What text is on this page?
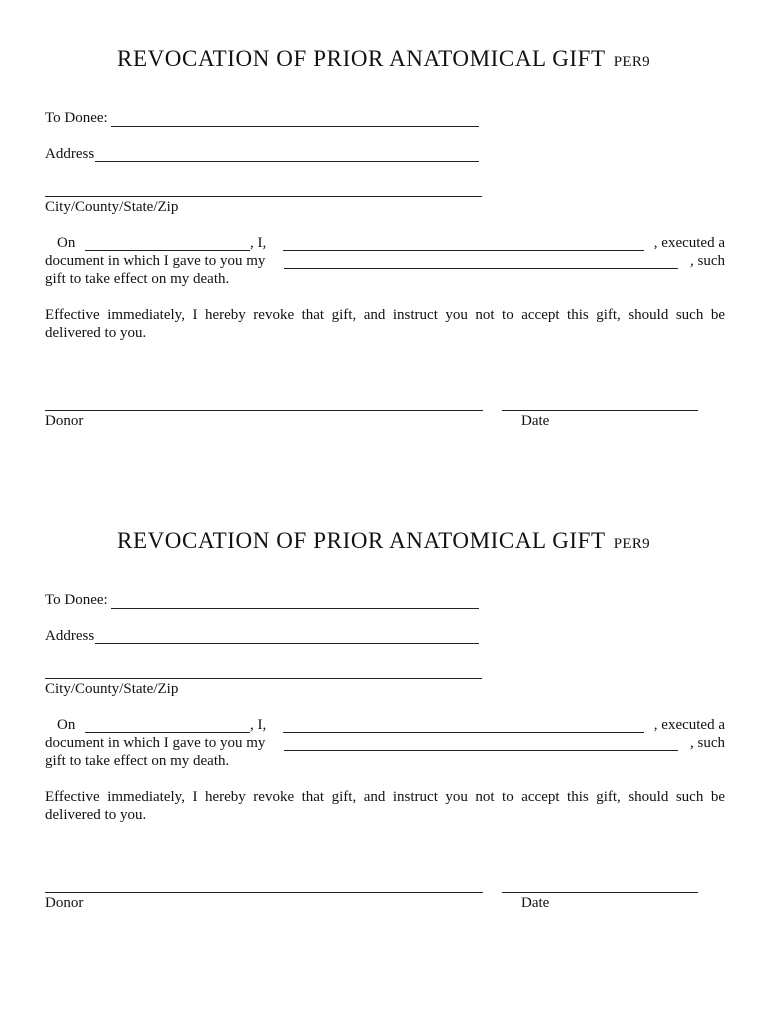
REVOCATION OF PRIOR ANATOMICAL GIFT PER9
To Donee:
Address
City/County/State/Zip
On	, I,	, executed a
document in which I gave to you my	, such
gift to take effect on my death.
Effective immediately, I hereby revoke that gift, and instruct you not to accept this gift, should such be
delivered to you.
Donor	Date
REVOCATION OF PRIOR ANATOMICAL GIFT PER9
To Donee:
Address
City/County/State/Zip
On	, I,	, executed a
document in which I gave to you my	, such
gift to take effect on my death.
Effective immediately, I hereby revoke that gift, and instruct you not to accept this gift, should such be
delivered to you.
Donor	Date
